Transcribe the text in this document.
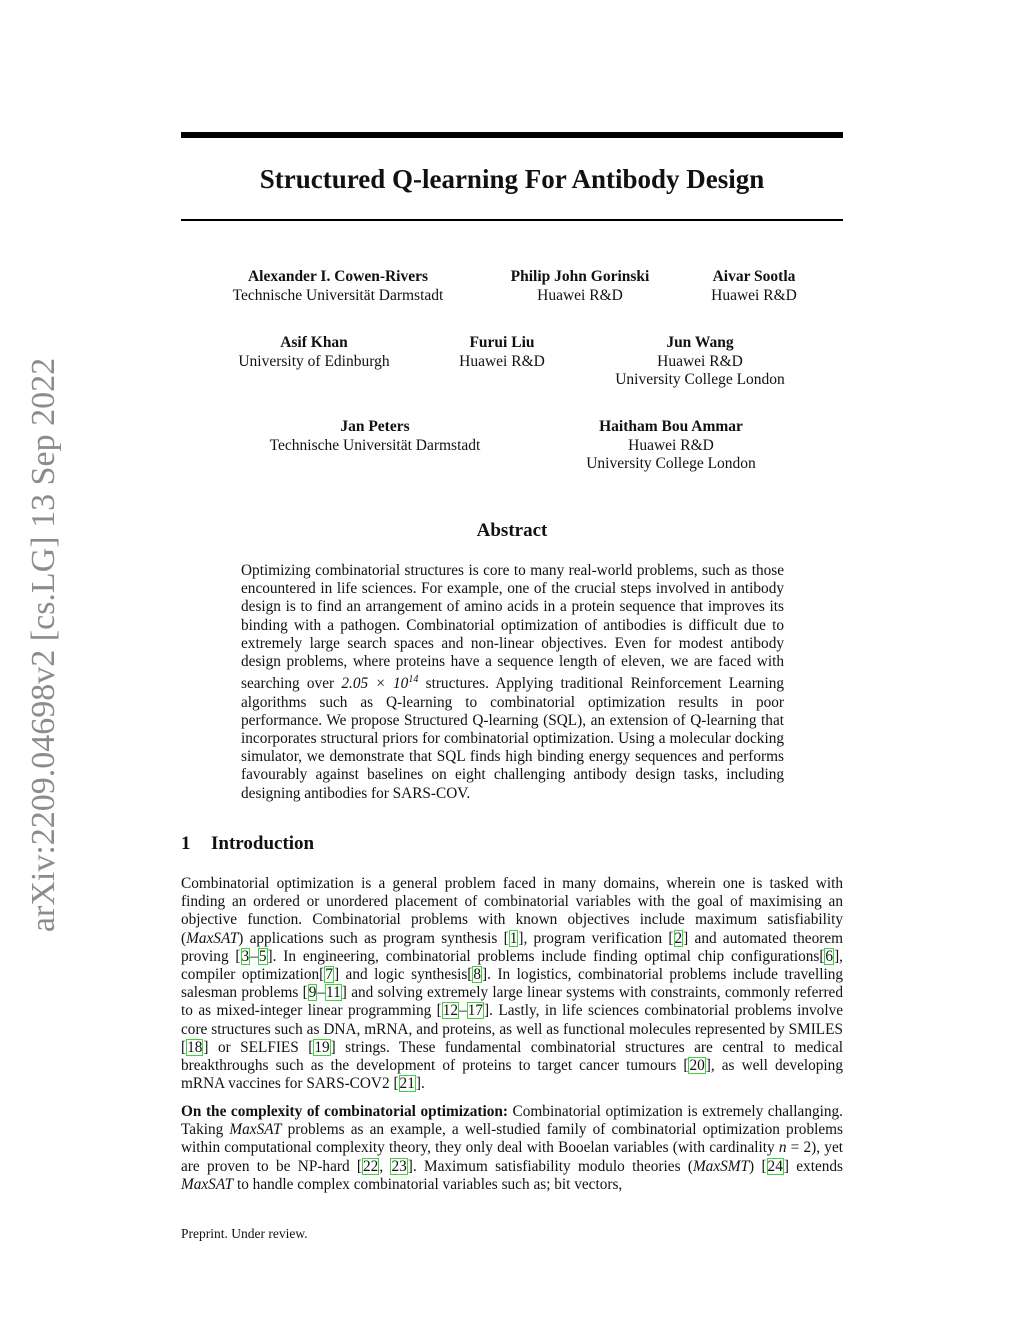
arXiv:2209.04698v2 [cs.LG] 13 Sep 2022
Structured Q-learning For Antibody Design
Alexander I. Cowen-Rivers
Technische Universität Darmstadt
Philip John Gorinski
Huawei R&D
Aivar Sootla
Huawei R&D
Asif Khan
University of Edinburgh
Furui Liu
Huawei R&D
Jun Wang
Huawei R&D
University College London
Jan Peters
Technische Universität Darmstadt
Haitham Bou Ammar
Huawei R&D
University College London
Abstract

Optimizing combinatorial structures is core to many real-world problems, such as those encountered in life sciences. For example, one of the crucial steps involved in antibody design is to find an arrangement of amino acids in a protein sequence that improves its binding with a pathogen. Combinatorial optimization of antibodies is difficult due to extremely large search spaces and non-linear objectives. Even for modest antibody design problems, where proteins have a sequence length of eleven, we are faced with searching over $2.05 \times 10^{14}$ structures. Applying traditional Reinforcement Learning algorithms such as Q-learning to combinatorial optimization results in poor performance. We propose Structured Q-learning (SQL), an extension of Q-learning that incorporates structural priors for combinatorial optimization. Using a molecular docking simulator, we demonstrate that SQL finds high binding energy sequences and performs favourably against baselines on eight challenging antibody design tasks, including designing antibodies for SARS-COV.

1 Introduction

Combinatorial optimization is a general problem faced in many domains, wherein one is tasked with finding an ordered or unordered placement of combinatorial variables with the goal of maximising an objective function. Combinatorial problems with known objectives include maximum satisfiability (MaxSAT) applications such as program synthesis [1], program verification [2] and automated theorem proving [3–5]. In engineering, combinatorial problems include finding optimal chip configurations[6], compiler optimization[7] and logic synthesis[8]. In logistics, combinatorial problems include travelling salesman problems [9–11] and solving extremely large linear systems with constraints, commonly referred to as mixed-integer linear programming [12–17]. Lastly, in life sciences combinatorial problems involve core structures such as DNA, mRNA, and proteins, as well as functional molecules represented by SMILES [18] or SELFIES [19] strings. These fundamental combinatorial structures are central to medical breakthroughs such as the development of proteins to target cancer tumours [20], as well developing mRNA vaccines for SARS-COV2 [21].

On the complexity of combinatorial optimization: Combinatorial optimization is extremely challanging. Taking MaxSAT problems as an example, a well-studied family of combinatorial optimization problems within computational complexity theory, they only deal with Booelan variables (with cardinality n = 2), yet are proven to be NP-hard [22, 23]. Maximum satisfiability modulo theories (MaxSMT) [24] extends MaxSAT to handle complex combinatorial variables such as; bit vectors,

Preprint. Under review.
